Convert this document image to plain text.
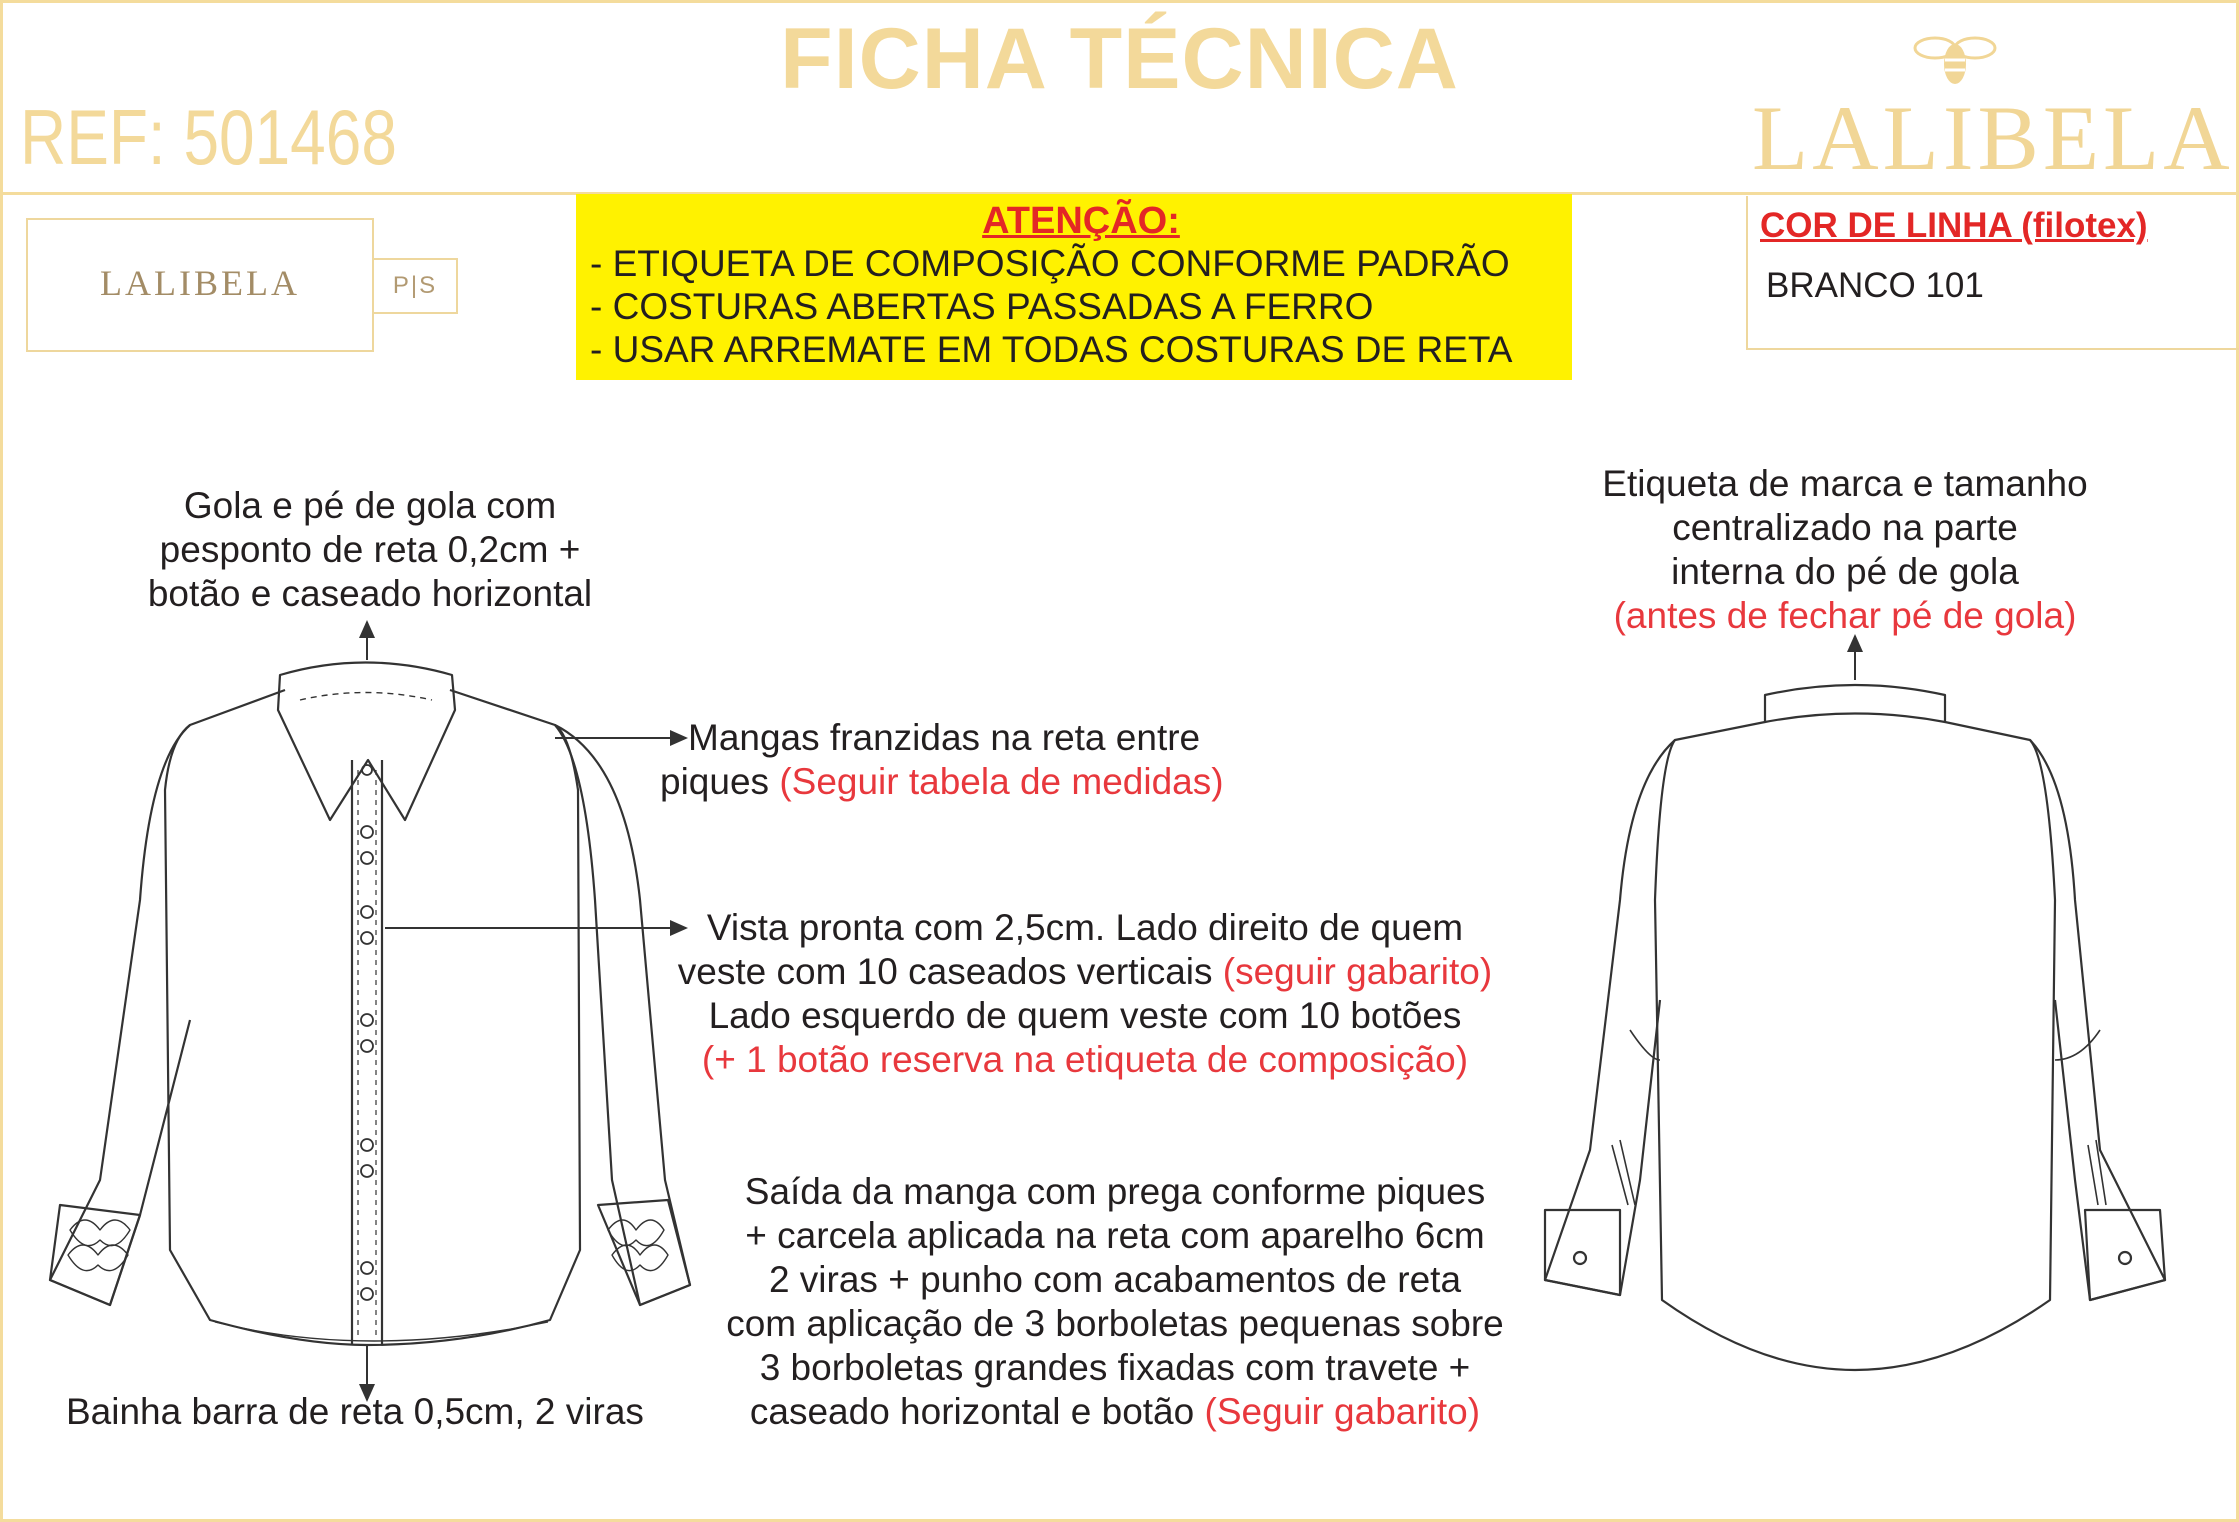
FICHA TÉCNICA
REF: 501468	LALIBELA
LALIBELA	P|S
ATENÇÃO:
- ETIQUETA DE COMPOSIÇÃO CONFORME PADRÃO
- COSTURAS ABERTAS PASSADAS A FERRO
- USAR ARREMATE EM TODAS COSTURAS DE RETA
COR DE LINHA (filotex)
BRANCO 101
Gola e pé de gola com
pesponto de reta 0,2cm +
botão e caseado horizontal
Mangas franzidas na reta entre
piques (Seguir tabela de medidas)
Vista pronta com 2,5cm. Lado direito de quem
veste com 10 caseados verticais (seguir gabarito)
Lado esquerdo de quem veste com 10 botões
(+ 1 botão reserva na etiqueta de composição)
Saída da manga com prega conforme piques
+ carcela aplicada na reta com aparelho 6cm
2 viras + punho com acabamentos de reta
com aplicação de 3 borboletas pequenas sobre
3 borboletas grandes fixadas com travete +
caseado horizontal e botão (Seguir gabarito)
Bainha barra de reta 0,5cm, 2 viras
Etiqueta de marca e tamanho
centralizado na parte
interna do pé de gola
(antes de fechar pé de gola)
